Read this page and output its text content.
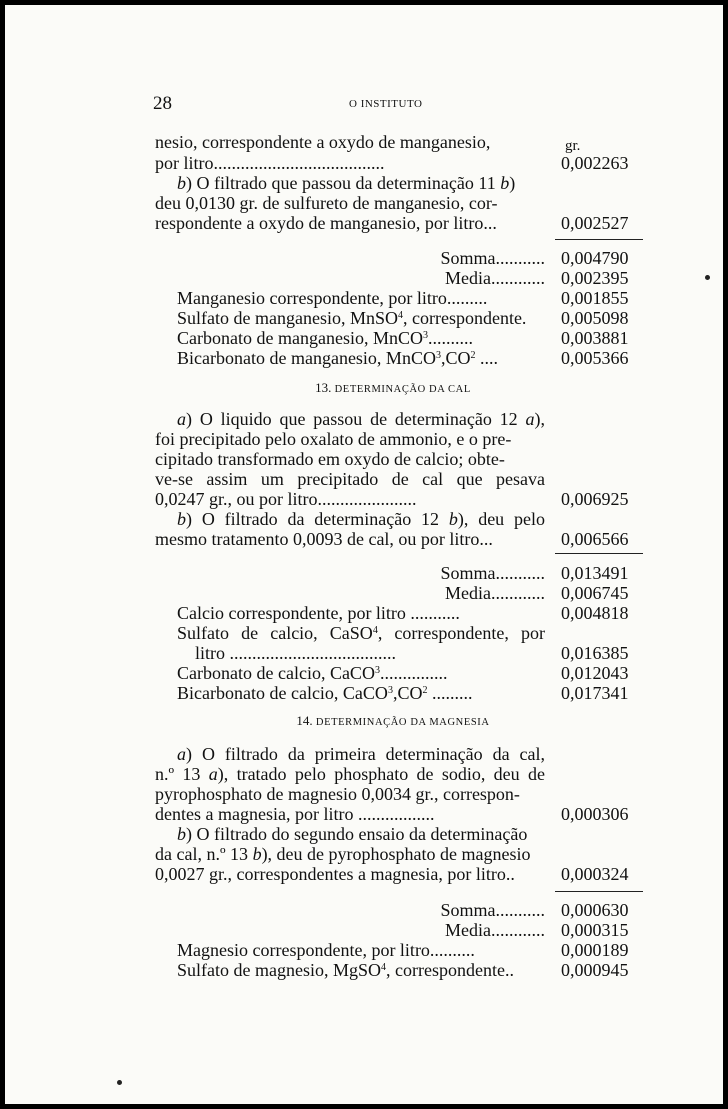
28	O INSTITUTO
nesio, correspondente a oxydo de manganesio,	gr.
por litro......................................	0,002263
b) O filtrado que passou da determinação 11 b)
deu 0,0130 gr. de sulfureto de manganesio, cor-
respondente a oxydo de manganesio, por litro...	0,002527
Somma........... 0,004790
Media............ 0,002395
Manganesio correspondente, por litro.........	0,001855
Sulfato de manganesio, MnSO$^4$, correspondente.	0,005098
Carbonato de manganesio, MnCO$^3$..........	0,003881
Bicarbonato de manganesio, $MnCO^3,CO^2$ ....	0,005366
13. DETERMINAÇÃO DA CAL
a) O liquido que passou de determinação 12 a),
foi precipitado pelo oxalato de ammonio, e o pre-
cipitado transformado em oxydo de calcio; obte-
ve-se assim um precipitado de cal que pesava
0,0247 gr., ou por litro......................	0,006925
b) O filtrado da determinação 12 b), deu pelo
mesmo tratamento 0,0093 de cal, ou por litro...	0,006566
Somma........... 0,013491
Media............ 0,006745
Calcio correspondente, por litro ...........	0,004818
Sulfato de calcio, CaSO$^4$, correspondente, por
litro .....................................	0,016385
Carbonato de calcio, CaCO$^3$...............	0,012043
Bicarbonato de calcio, $CaCO^3,CO^2$ .........	0,017341
14. DETERMINAÇÃO DA MAGNESIA
a) O filtrado da primeira determinação da cal,
n.º 13 a), tratado pelo phosphato de sodio, deu de
pyrophosphato de magnesio 0,0034 gr., correspon-
dentes a magnesia, por litro .................	0,000306
b) O filtrado do segundo ensaio da determinação
da cal, n.º 13 b), deu de pyrophosphato de magnesio
0,0027 gr., correspondentes a magnesia, por litro..	0,000324
Somma........... 0,000630
Media............ 0,000315
Magnesio correspondente, por litro..........	0,000189
Sulfato de magnesio, MgSO$^4$, correspondente..	0,000945
